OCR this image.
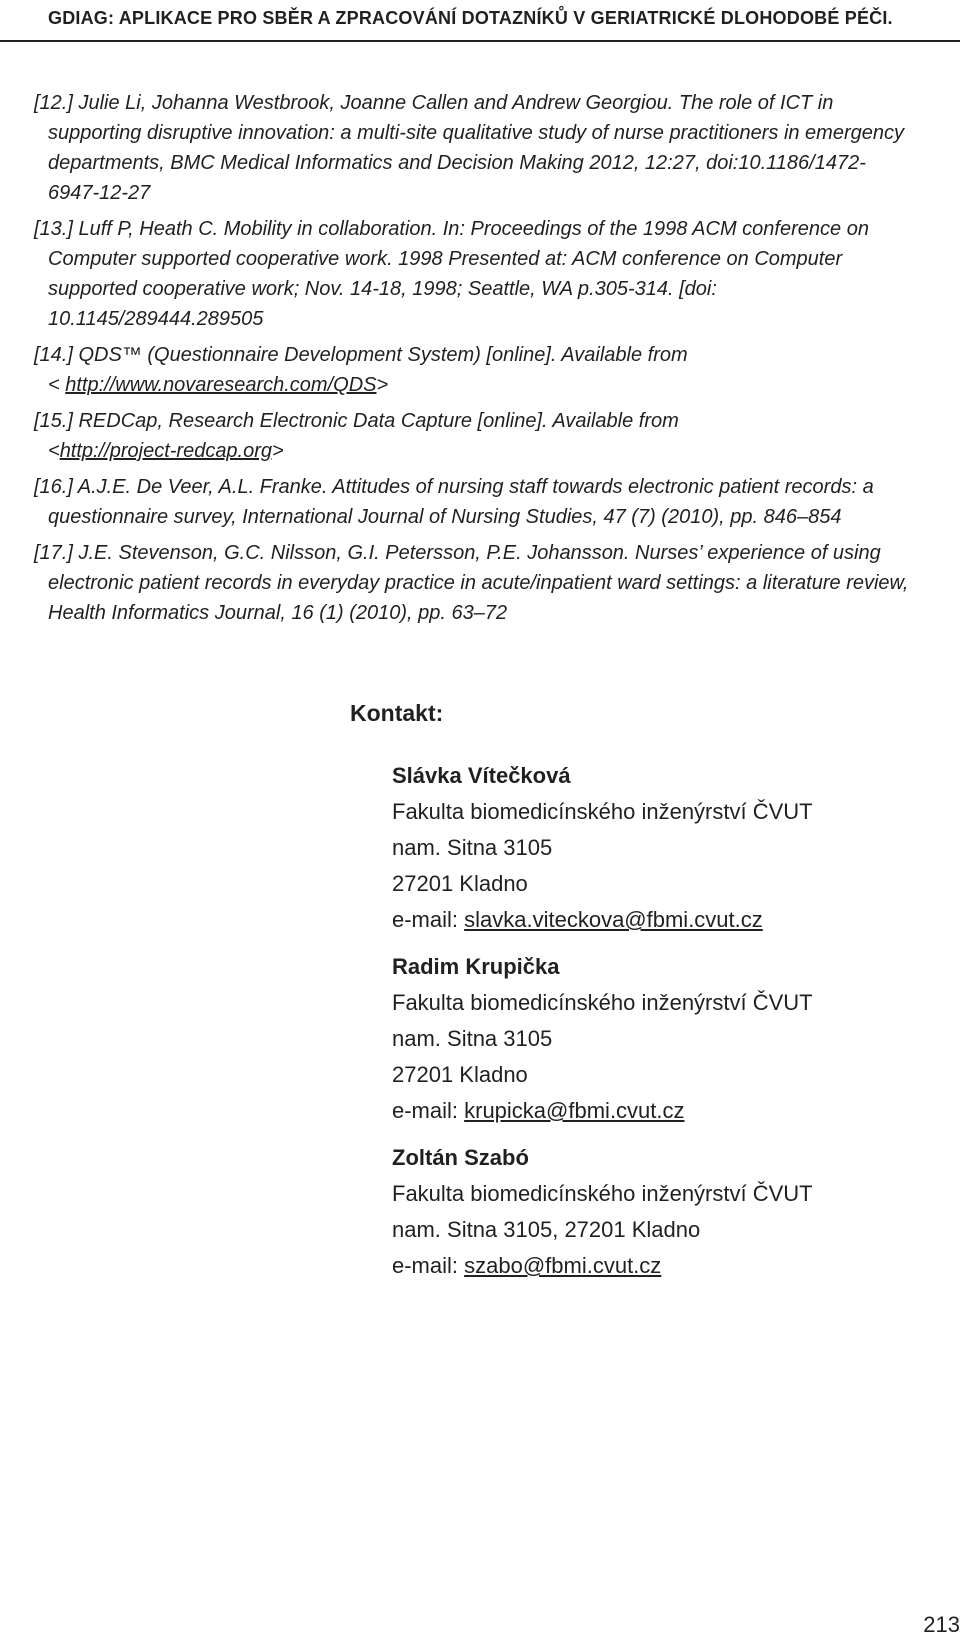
GDIAG: APLIKACE PRO SBĚR A ZPRACOVÁNÍ DOTAZNÍKŮ V GERIATRICKÉ DLOHODOBÉ PÉČI.

[12.] Julie Li, Johanna Westbrook, Joanne Callen and Andrew Georgiou. The role of ICT in supporting disruptive innovation: a multi-site qualitative study of nurse practitioners in emergency departments, BMC Medical Informatics and Decision Making 2012, 12:27, doi:10.1186/1472-6947-12-27

[13.] Luff P, Heath C. Mobility in collaboration. In: Proceedings of the 1998 ACM conference on Computer supported cooperative work. 1998 Presented at: ACM conference on Computer supported cooperative work; Nov. 14-18, 1998; Seattle, WA p.305-314. [doi: 10.1145/289444.289505

[14.] QDS™ (Questionnaire Development System) [online]. Available from
< http://www.novaresearch.com/QDS>

[15.] REDCap, Research Electronic Data Capture [online]. Available from
<http://project-redcap.org>

[16.] A.J.E. De Veer, A.L. Franke. Attitudes of nursing staff towards electronic patient records: a questionnaire survey, International Journal of Nursing Studies, 47 (7) (2010), pp. 846–854

[17.] J.E. Stevenson, G.C. Nilsson, G.I. Petersson, P.E. Johansson. Nurses’ experience of using electronic patient records in everyday practice in acute/inpatient ward settings: a literature review, Health Informatics Journal, 16 (1) (2010), pp. 63–72

Kontakt:
Slávka Vítečková
Fakulta biomedicínského inženýrství ČVUT
nam. Sitna 3105
27201 Kladno
e-mail: slavka.viteckova@fbmi.cvut.cz
Radim Krupička
Fakulta biomedicínského inženýrství ČVUT
nam. Sitna 3105
27201 Kladno
e-mail: krupicka@fbmi.cvut.cz
Zoltán Szabó
Fakulta biomedicínského inženýrství ČVUT
nam. Sitna 3105, 27201 Kladno
e-mail: szabo@fbmi.cvut.cz
213
